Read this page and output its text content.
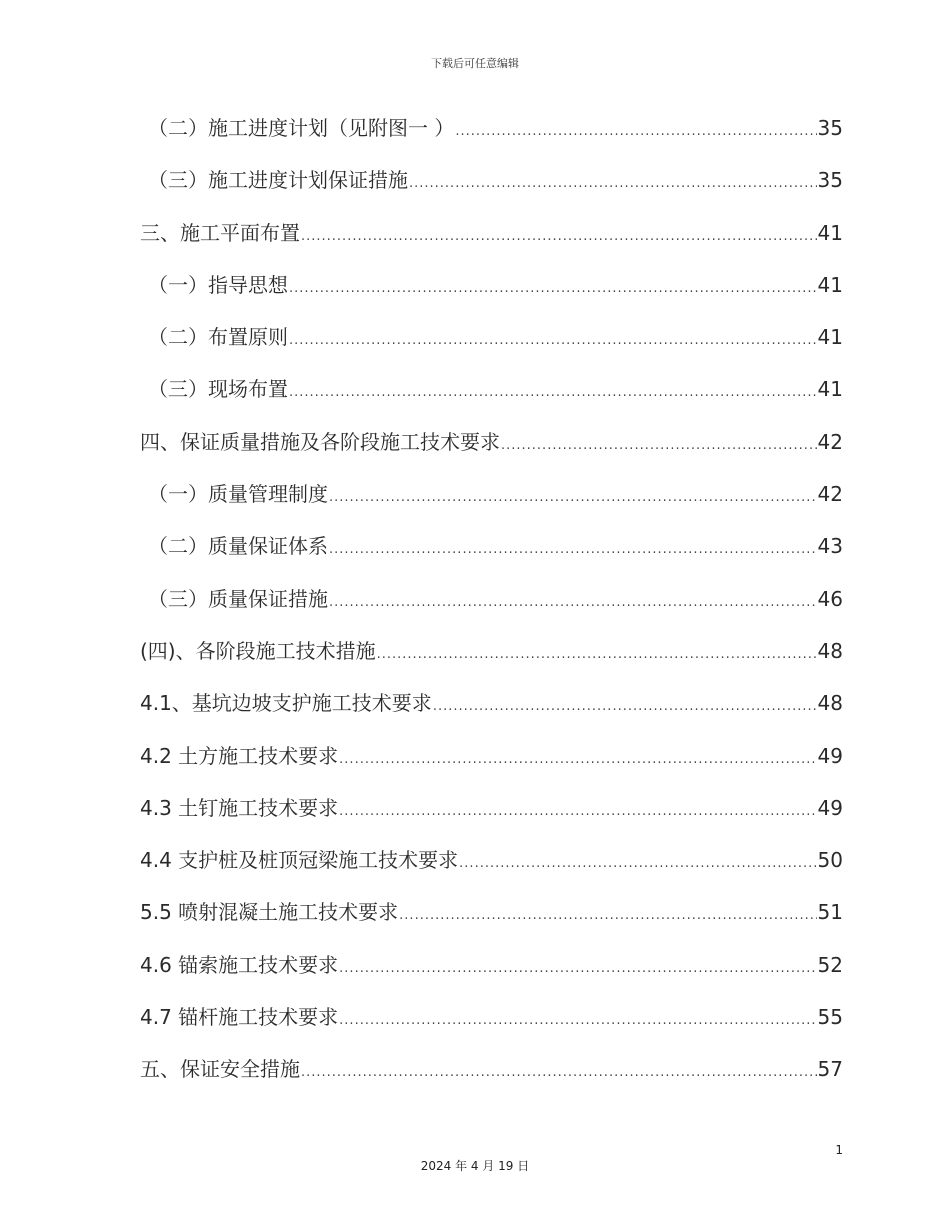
下载后可任意编辑
（二）施工进度计划（见附图一 ） .....	35
（三）施工进度计划保证措施 .....	35
三、施工平面布置 .....	41
（一）指导思想 .....	41
（二）布置原则 .....	41
（三）现场布置 .....	41
四、保证质量措施及各阶段施工技术要求 .....	42
（一）质量管理制度 .....	42
（二）质量保证体系 .....	43
（三）质量保证措施 .....	46
(四)、各阶段施工技术措施 .....	48
4.1、基坑边坡支护施工技术要求 .....	48
4.2 土方施工技术要求 .....	49
4.3 土钉施工技术要求 .....	49
4.4 支护桩及桩顶冠梁施工技术要求 .....	50
5.5 喷射混凝土施工技术要求 .....	51
4.6 锚索施工技术要求 .....	52
4.7 锚杆施工技术要求 .....	55
五、保证安全措施 .....	57
1
2024 年 4 月 19 日
